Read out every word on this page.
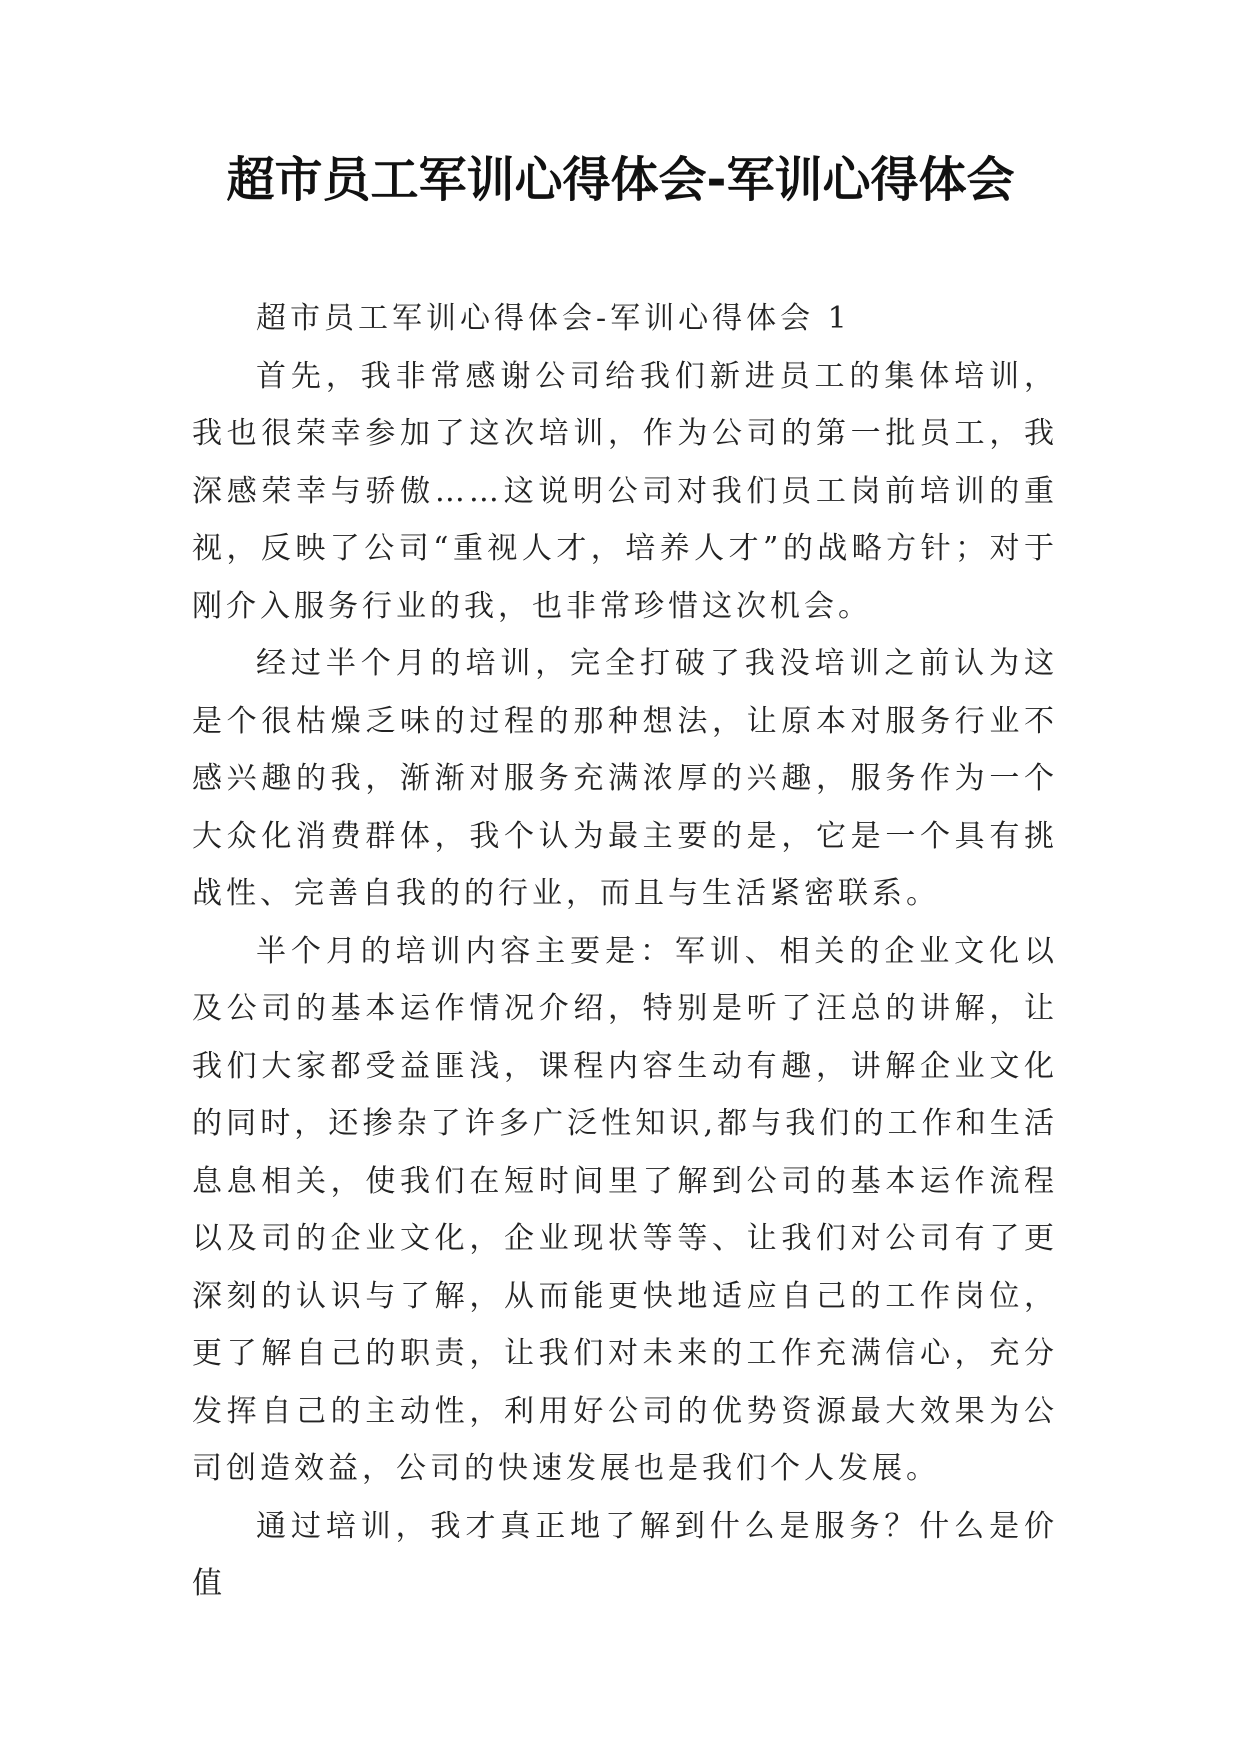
超市员工军训心得体会-军训心得体会

超市员工军训心得体会-军训心得体会 1

首先，我非常感谢公司给我们新进员工的集体培训，我也很荣幸参加了这次培训，作为公司的第一批员工，我深感荣幸与骄傲……这说明公司对我们员工岗前培训的重视，反映了公司“重视人才，培养人才”的战略方针；对于刚介入服务行业的我，也非常珍惜这次机会。

经过半个月的培训，完全打破了我没培训之前认为这是个很枯燥乏味的过程的那种想法，让原本对服务行业不感兴趣的我，渐渐对服务充满浓厚的兴趣，服务作为一个大众化消费群体，我个认为最主要的是，它是一个具有挑战性、完善自我的的行业，而且与生活紧密联系。

半个月的培训内容主要是：军训、相关的企业文化以及公司的基本运作情况介绍，特别是听了汪总的讲解，让我们大家都受益匪浅，课程内容生动有趣，讲解企业文化的同时，还掺杂了许多广泛性知识,都与我们的工作和生活息息相关，使我们在短时间里了解到公司的基本运作流程以及司的企业文化，企业现状等等、让我们对公司有了更深刻的认识与了解，从而能更快地适应自己的工作岗位，更了解自己的职责，让我们对未来的工作充满信心，充分发挥自己的主动性，利用好公司的优势资源最大效果为公司创造效益，公司的快速发展也是我们个人发展。

通过培训，我才真正地了解到什么是服务？什么是价值
